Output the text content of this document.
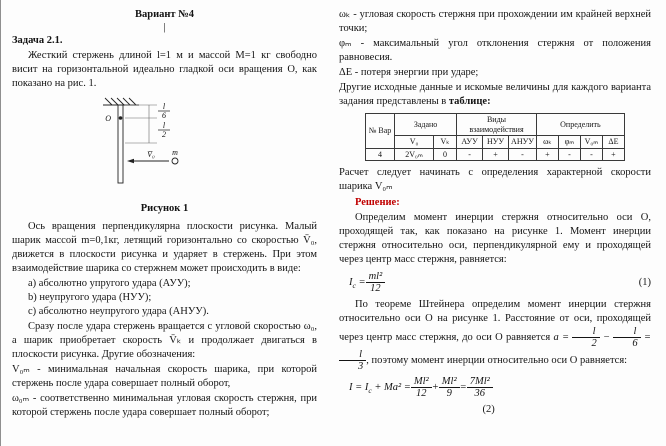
Вариант №4
|
Задача 2.1.

Жесткий стержень длиной l=1 м и массой M=1 кг свободно висит на горизонтальной идеально гладкой оси вращения O, как показано на рис. 1.

l
6
l
2
O
m
V̄₀
Рисунок 1

Ось вращения перпендикулярна плоскости рисунка. Малый шарик массой m=0,1кг, летящий горизонтально со скоростью V̄₀, движется в плоскости рисунка и ударяет в стержень. При этом взаимодействие шарика со стержнем может происходить в виде:

a) абсолютно упругого удара (АУУ);
b) неупругого удара (НУУ);
c) абсолютно неупругого удара (АНУУ).

Сразу после удара стержень вращается с угловой скоростью ω₀, а шарик приобретает скорость V̄ₖ и продолжает двигаться в плоскости рисунка. Другие обозначения:

V₀ₘ - минимальная начальная скорость шарика, при которой стержень после удара совершает полный оборот,

ω₀ₘ - соответственно минимальная угловая скорость стержня, при которой стержень после удара совершает полный оборот;

ωₖ - угловая скорость стержня при прохождении им крайней верхней точки;

φₘ - максимальный угол отклонения стержня от положения равновесия.

ΔE - потеря энергии при ударе;

Другие исходные данные и искомые величины для каждого варианта задания представлены в таблице:

№ Вар	Задано		Виды взаимодействия			Определить			
	V₀	Vₖ	АУУ	НУУ	АНУУ	ωₖ	φₘ	V₀ₘ	ΔE
4	2V₀ₘ	0	-	+	-	+	-	-	+

Расчет следует начинать с определения характерной скорости шарика V₀ₘ

Решение:

Определим момент инерции стержня относительно оси О, проходящей так, как показано на рисунке 1. Момент инерции стержня относительно оси, перпендикулярной ему и проходящей через центр масс стержня, равняется:

$I_c = \frac{\text{ml²}}{12}$	(1)

По теореме Штейнера определим момент инерции стержня относительно оси О на рисунке 1. Расстояние от оси, проходящей через центр масс стержня, до оси О равняется $a = \frac{l}{2} - \frac{l}{6}$ =
$\frac{l}{3}$ , поэтому момент инерции относительно оси О равняется:

$I = I_c + Ma^2 = \frac{\text{Ml²}}{12} + \frac{\text{Ml²}}{9} = \frac{\text{7Ml²}}{36}$
(2)
